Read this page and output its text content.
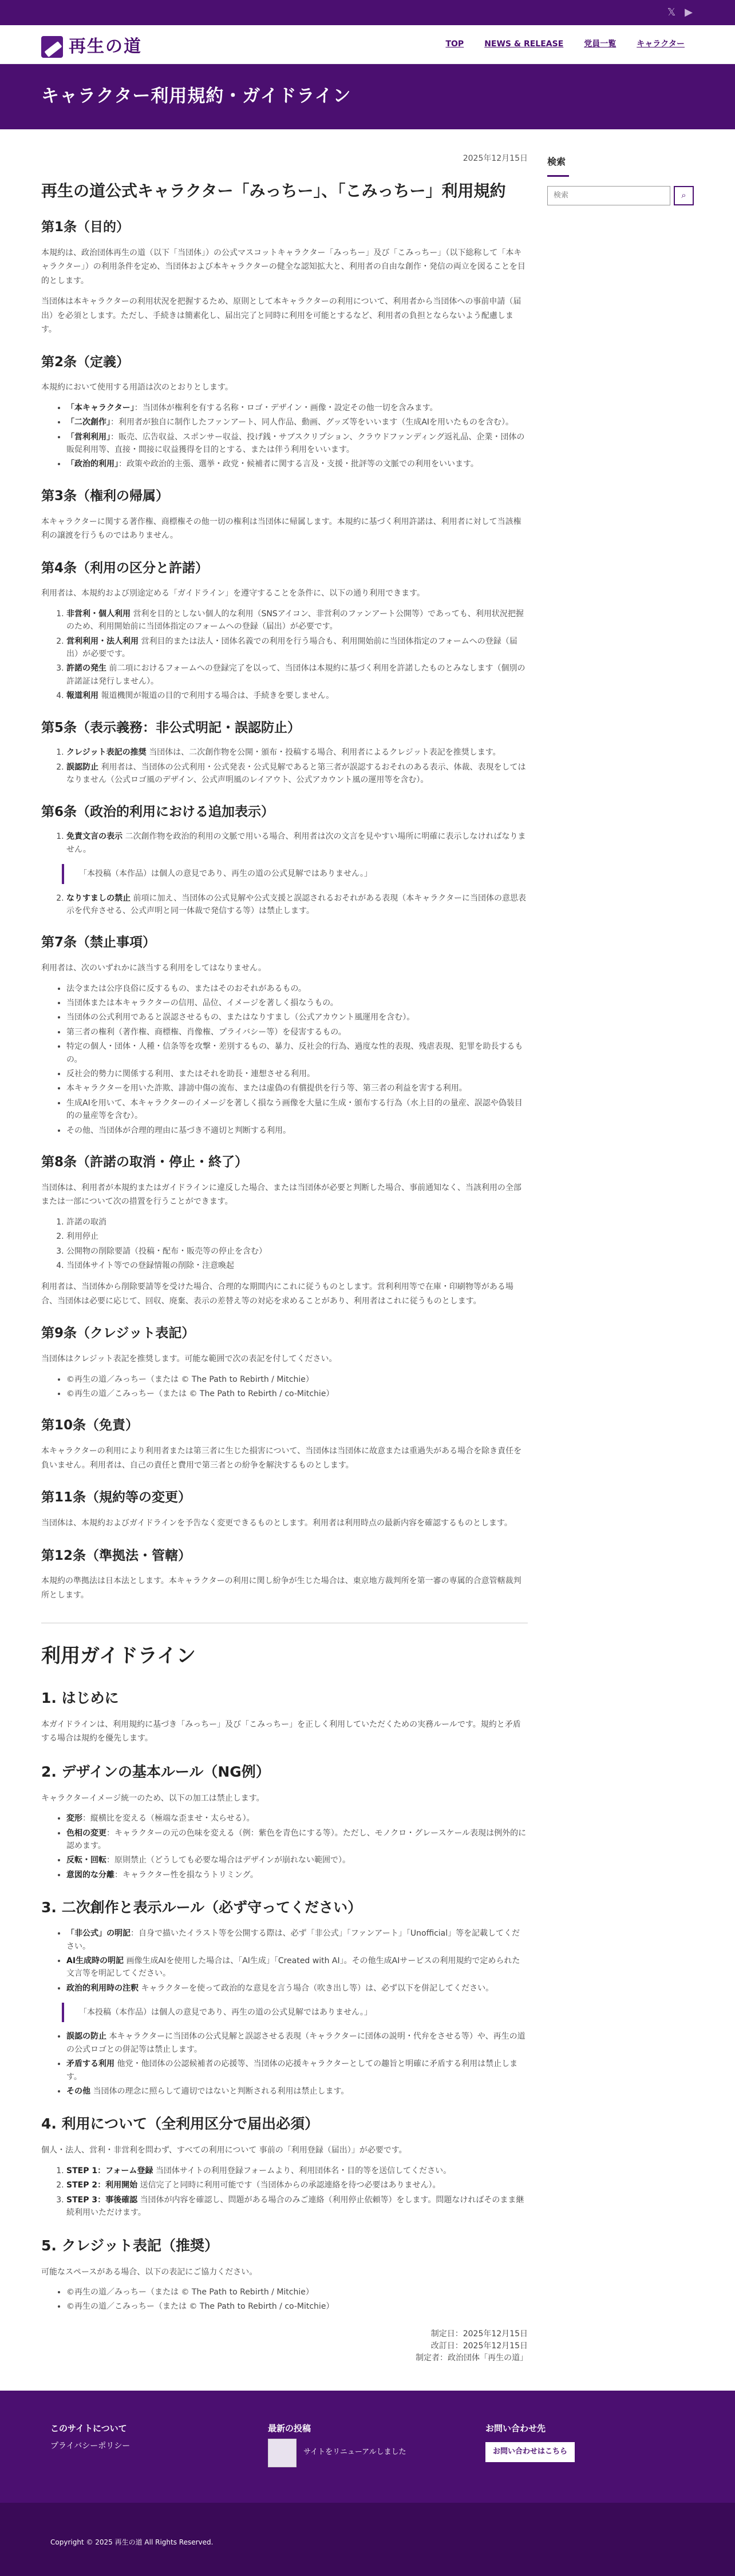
𝕏 ▶
再生の道	TOP	NEWS & RELEASE	党員一覧	キャラクター
キャラクター利用規約・ガイドライン
2025年12月15日
再生の道公式キャラクター「みっちー」、「こみっちー」利用規約
第1条（目的）

本規約は、政治団体再生の道（以下「当団体」）の公式マスコットキャラクター「みっちー」及び「こみっちー」（以下総称して「本キャラクター」）の利用条件を定め、当団体および本キャラクターの健全な認知拡大と、利用者の自由な創作・発信の両立を図ることを目的とします。

当団体は本キャラクターの利用状況を把握するため、原則として本キャラクターの利用について、利用者から当団体への事前申請（届出）を必須とします。ただし、手続きは簡素化し、届出完了と同時に利用を可能とするなど、利用者の負担とならないよう配慮します。

第2条（定義）

本規約において使用する用語は次のとおりとします。

• 「本キャラクター」：当団体が権利を有する名称・ロゴ・デザイン・画像・設定その他一切を含みます。
• 「二次創作」：利用者が独自に制作したファンアート、同人作品、動画、グッズ等をいいます（生成AIを用いたものを含む）。
• 「営利利用」：販売、広告収益、スポンサー収益、投げ銭・サブスクリプション、クラウドファンディング返礼品、企業・団体の販促利用等、直接・間接に収益獲得を目的とする、または伴う利用をいいます。
• 「政治的利用」：政策や政治的主張、選挙・政党・候補者に関する言及・支援・批評等の文脈での利用をいいます。
第3条（権利の帰属）

本キャラクターに関する著作権、商標権その他一切の権利は当団体に帰属します。本規約に基づく利用許諾は、利用者に対して当該権利の譲渡を行うものではありません。

第4条（利用の区分と許諾）

利用者は、本規約および別途定める「ガイドライン」を遵守することを条件に、以下の通り利用できます。

1. 非営利・個人利用 営利を目的としない個人的な利用（SNSアイコン、非営利のファンアート公開等）であっても、利用状況把握のため、利用開始前に当団体指定のフォームへの登録（届出）が必要です。
2. 営利利用・法人利用 営利目的または法人・団体名義での利用を行う場合も、利用開始前に当団体指定のフォームへの登録（届出）が必要です。
3. 許諾の発生 前二項におけるフォームへの登録完了を以って、当団体は本規約に基づく利用を許諾したものとみなします（個別の許諾証は発行しません）。
4. 報道利用 報道機関が報道の目的で利用する場合は、手続きを要しません。
第5条（表示義務：非公式明記・誤認防止）
1. クレジット表記の推奨 当団体は、二次創作物を公開・頒布・投稿する場合、利用者によるクレジット表記を推奨します。
2. 誤認防止 利用者は、当団体の公式利用・公式発表・公式見解であると第三者が誤認するおそれのある表示、体裁、表現をしてはなりません（公式ロゴ風のデザイン、公式声明風のレイアウト、公式アカウント風の運用等を含む）。
第6条（政治的利用における追加表示）
1. 免責文言の表示 二次創作物を政治的利用の文脈で用いる場合、利用者は次の文言を見やすい場所に明確に表示しなければなりません。
「本投稿（本作品）は個人の意見であり、再生の道の公式見解ではありません。」
2. なりすましの禁止 前項に加え、当団体の公式見解や公式支援と誤認されるおそれがある表現（本キャラクターに当団体の意思表示を代弁させる、公式声明と同一体裁で発信する等）は禁止します。
第7条（禁止事項）

利用者は、次のいずれかに該当する利用をしてはなりません。

• 法令または公序良俗に反するもの、またはそのおそれがあるもの。
• 当団体または本キャラクターの信用、品位、イメージを著しく損なうもの。
• 当団体の公式利用であると誤認させるもの、またはなりすまし（公式アカウント風運用を含む）。
• 第三者の権利（著作権、商標権、肖像権、プライバシー等）を侵害するもの。
• 特定の個人・団体・人種・信条等を攻撃・差別するもの、暴力、反社会的行為、過度な性的表現、残虐表現、犯罪を助長するもの。
• 反社会的勢力に関係する利用、またはそれを助長・連想させる利用。
• 本キャラクターを用いた詐欺、誹謗中傷の流布、または虚偽の有償提供を行う等、第三者の利益を害する利用。
• 生成AIを用いて、本キャラクターのイメージを著しく損なう画像を大量に生成・頒布する行為（水上目的の量産、誤認や偽装目的の量産等を含む）。
• その他、当団体が合理的理由に基づき不適切と判断する利用。
第8条（許諾の取消・停止・終了）

当団体は、利用者が本規約またはガイドラインに違反した場合、または当団体が必要と判断した場合、事前通知なく、当該利用の全部または一部について次の措置を行うことができます。

1. 許諾の取消
2. 利用停止
3. 公開物の削除要請（投稿・配布・販売等の停止を含む）
4. 当団体サイト等での登録情報の削除・注意喚起

利用者は、当団体から削除要請等を受けた場合、合理的な期間内にこれに従うものとします。営利利用等で在庫・印刷物等がある場合、当団体は必要に応じて、回収、廃棄、表示の差替え等の対応を求めることがあり、利用者はこれに従うものとします。

第9条（クレジット表記）

当団体はクレジット表記を推奨します。可能な範囲で次の表記を付してください。

• ©再生の道／みっちー（または © The Path to Rebirth / Mitchie）
• ©再生の道／こみっちー（または © The Path to Rebirth / co-Mitchie）
第10条（免責）

本キャラクターの利用により利用者または第三者に生じた損害について、当団体は当団体に故意または重過失がある場合を除き責任を負いません。利用者は、自己の責任と費用で第三者との紛争を解決するものとします。

第11条（規約等の変更）

当団体は、本規約およびガイドラインを予告なく変更できるものとします。利用者は利用時点の最新内容を確認するものとします。

第12条（準拠法・管轄）

本規約の準拠法は日本法とします。本キャラクターの利用に関し紛争が生じた場合は、東京地方裁判所を第一審の専属的合意管轄裁判所とします。

利用ガイドライン
1. はじめに

本ガイドラインは、利用規約に基づき「みっちー」及び「こみっちー」を正しく利用していただくための実務ルールです。規約と矛盾する場合は規約を優先します。

2. デザインの基本ルール（NG例）

キャラクターイメージ統一のため、以下の加工は禁止します。

• 変形：縦横比を変える（極端な歪ませ・太らせる）。
• 色相の変更：キャラクターの元の色味を変える（例：紫色を青色にする等）。ただし、モノクロ・グレースケール表現は例外的に認めます。
• 反転・回転：原則禁止（どうしても必要な場合はデザインが崩れない範囲で）。
• 意図的な分離：キャラクター性を損なうトリミング。
3. 二次創作と表示ルール（必ず守ってください）
• 「非公式」の明記：自身で描いたイラスト等を公開する際は、必ず「非公式」「ファンアート」「Unofficial」等を記載してください。
• AI生成時の明記 画像生成AIを使用した場合は、「AI生成」「Created with AI」。その他生成AIサービスの利用規約で定められた文言等を明記してください。
• 政治的利用時の注釈 キャラクターを使って政治的な意見を言う場合（吹き出し等）は、必ず以下を併記してください。
「本投稿（本作品）は個人の意見であり、再生の道の公式見解ではありません。」
• 誤認の防止 本キャラクターに当団体の公式見解と誤認させる表現（キャラクターに団体の説明・代弁をさせる等）や、再生の道の公式ロゴとの併記等は禁止します。
• 矛盾する利用 他党・他団体の公認候補者の応援等、当団体の応援キャラクターとしての趣旨と明確に矛盾する利用は禁止します。
• その他 当団体の理念に照らして適切ではないと判断される利用は禁止します。
4. 利用について（全利用区分で届出必須）

個人・法人、営利・非営利を問わず、すべての利用について 事前の「利用登録（届出）」が必要です。

1. STEP 1：フォーム登録 当団体サイトの利用登録フォームより、利用団体名・目的等を送信してください。
2. STEP 2：利用開始 送信完了と同時に利用可能です（当団体からの承認連絡を待つ必要はありません）。
3. STEP 3：事後確認 当団体が内容を確認し、問題がある場合のみご連絡（利用停止依頼等）をします。問題なければそのまま継続利用いただけます。
5. クレジット表記（推奨）

可能なスペースがある場合、以下の表記にご協力ください。

• ©再生の道／みっちー（または © The Path to Rebirth / Mitchie）
• ©再生の道／こみっちー（または © The Path to Rebirth / co-Mitchie）
制定日：2025年12月15日
改訂日：2025年12月15日
制定者：政治団体「再生の道」
検索
検索
⌕
このサイトについて
プライバシーポリシー
最新の投稿
サイトをリニューアルしました
お問い合わせ先
お問い合わせはこちら
Copyright © 2025 再生の道 All Rights Reserved.
